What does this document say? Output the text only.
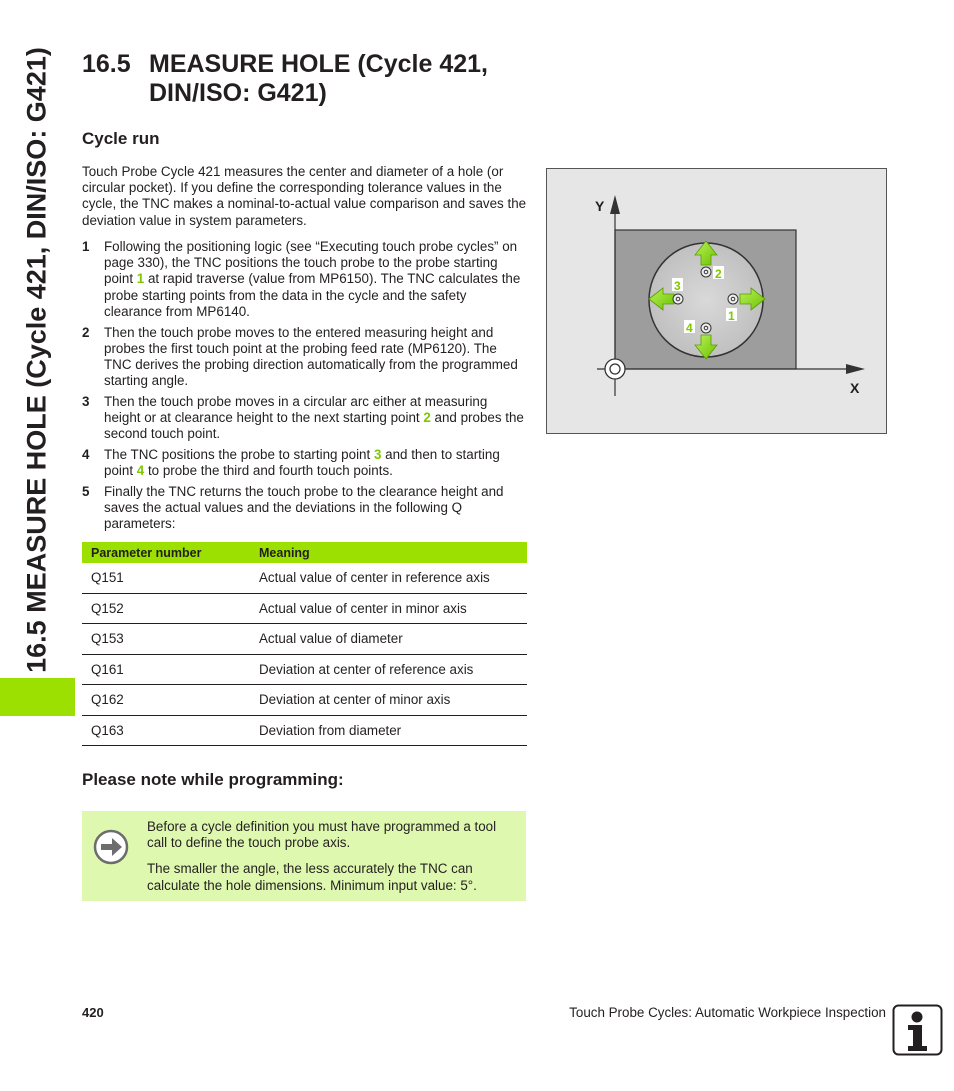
16.5 MEASURE HOLE (Cycle 421, DIN/ISO: G421) 16.5 MEASURE HOLE (Cycle 421,
DIN/ISO: G421)
Cycle run
Touch Probe Cycle 421 measures the center and diameter of a hole (or circular pocket). If you define the corresponding tolerance values in the cycle, the TNC makes a nominal-to-actual value comparison and saves the deviation value in system parameters.
1	Following the positioning logic (see “Executing touch probe cycles” on page 330), the TNC positions the touch probe to the probe starting point 1 at rapid traverse (value from MP6150). The TNC calculates the probe starting points from the data in the cycle and the safety clearance from MP6140.
2	Then the touch probe moves to the entered measuring height and probes the first touch point at the probing feed rate (MP6120). The TNC derives the probing direction automatically from the programmed starting angle.
3	Then the touch probe moves in a circular arc either at measuring height or at clearance height to the next starting point 2 and probes the second touch point.
4	The TNC positions the probe to starting point 3 and then to starting point 4 to probe the third and fourth touch points.
5	Finally the TNC returns the touch probe to the clearance height and saves the actual values and the deviations in the following Q parameters:
Parameter number	Meaning
Q151	Actual value of center in reference axis
Q152	Actual value of center in minor axis
Q153	Actual value of diameter
Q161	Deviation at center of reference axis
Q162	Deviation at center of minor axis
Q163	Deviation from diameter
Please note while programming:

Before a cycle definition you must have programmed a tool call to define the touch probe axis.

The smaller the angle, the less accurately the TNC can calculate the hole dimensions. Minimum input value: 5°.

Y
X
2
3
1
4
420	Touch Probe Cycles: Automatic Workpiece Inspection
